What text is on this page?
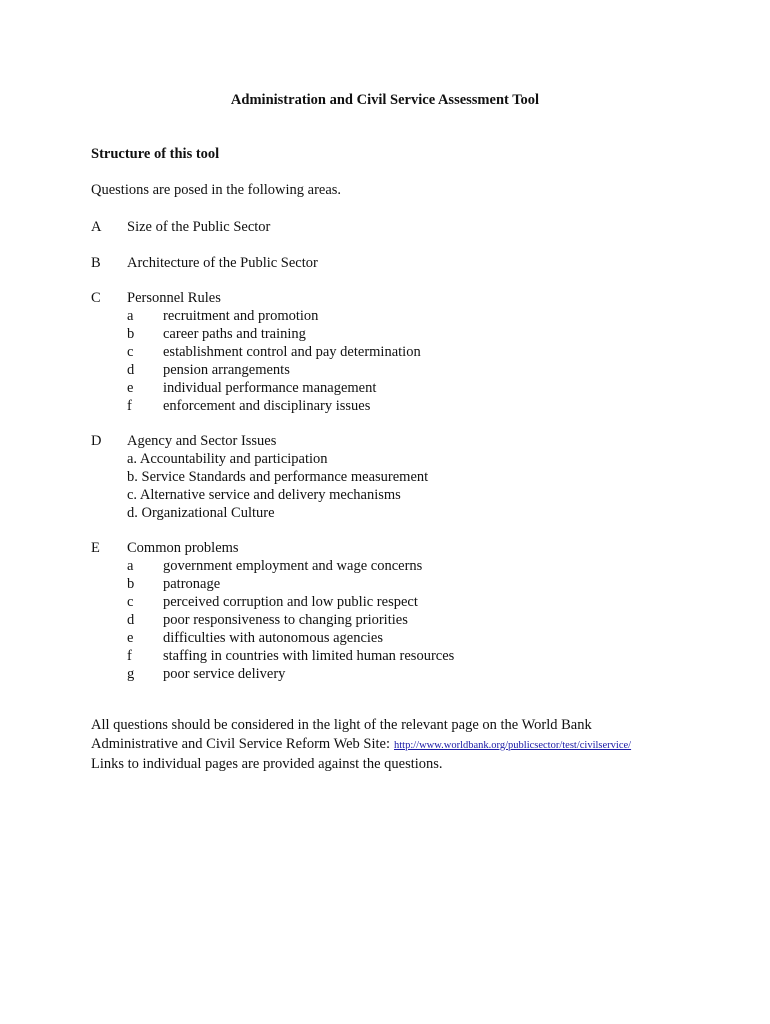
Administration and Civil Service Assessment Tool
Structure of this tool
Questions are posed in the following areas.
A Size of the Public Sector
B Architecture of the Public Sector
C Personnel Rules
a recruitment and promotion
b career paths and training
c establishment control and pay determination
d pension arrangements
e individual performance management
f enforcement and disciplinary issues
D Agency and Sector Issues
a. Accountability and participation
b. Service Standards and performance measurement
c. Alternative service and delivery mechanisms
d. Organizational Culture
E Common problems
a government employment and wage concerns
b patronage
c perceived corruption and low public respect
d poor responsiveness to changing priorities
e difficulties with autonomous agencies
f staffing in countries with limited human resources
g poor service delivery
All questions should be considered in the light of the relevant page on the World Bank
Administrative and Civil Service Reform Web Site: http://www.worldbank.org/publicsector/test/civilservice/
Links to individual pages are provided against the questions.
